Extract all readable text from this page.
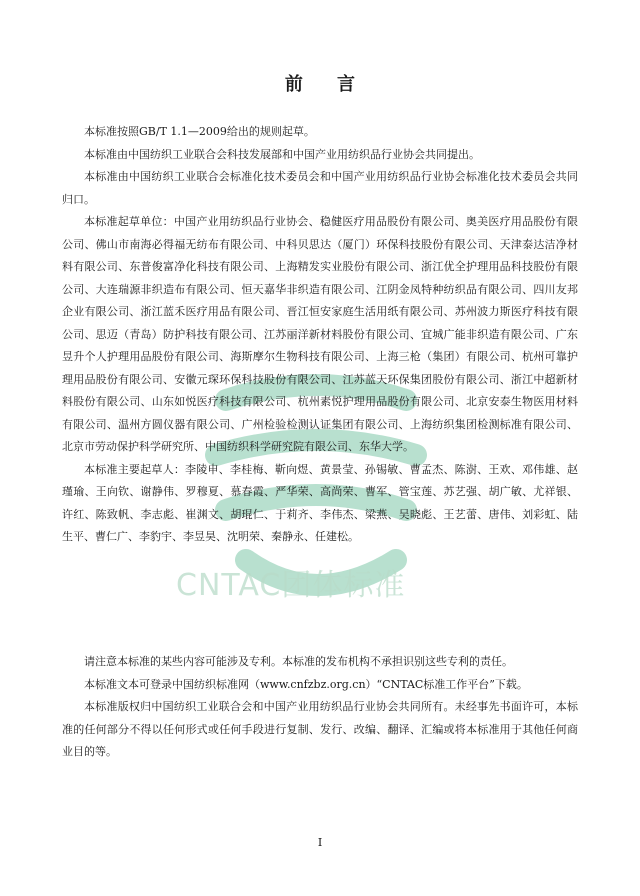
CNTAC团体标准
前 言

本标准按照GB/T 1.1—2009给出的规则起草。

本标准由中国纺织工业联合会科技发展部和中国产业用纺织品行业协会共同提出。

本标准由中国纺织工业联合会标准化技术委员会和中国产业用纺织品行业协会标准化技术委员会共同归口。

本标准起草单位：中国产业用纺织品行业协会、稳健医疗用品股份有限公司、奥美医疗用品股份有限公司、佛山市南海必得福无纺布有限公司、中科贝思达（厦门）环保科技股份有限公司、天津泰达洁净材料有限公司、东普俊富净化科技有限公司、上海精发实业股份有限公司、浙江优全护理用品科技股份有限公司、大连瑞源非织造布有限公司、恒天嘉华非织造有限公司、江阴金凤特种纺织品有限公司、四川友邦企业有限公司、浙江蓝禾医疗用品有限公司、晋江恒安家庭生活用纸有限公司、苏州波力斯医疗科技有限公司、思迈（青岛）防护科技有限公司、江苏丽洋新材料股份有限公司、宜城广能非织造有限公司、广东昱升个人护理用品股份有限公司、海斯摩尔生物科技有限公司、上海三枪（集团）有限公司、杭州可靠护理用品股份有限公司、安徽元琛环保科技股份有限公司、江苏蓝天环保集团股份有限公司、浙江中超新材料股份有限公司、山东如悦医疗科技有限公司、杭州素悦护理用品股份有限公司、北京安泰生物医用材料有限公司、温州方圆仪器有限公司、广州检验检测认证集团有限公司、上海纺织集团检测标准有限公司、北京市劳动保护科学研究所、中国纺织科学研究院有限公司、东华大学。

本标准主要起草人：李陵申、李桂梅、靳向煜、黄景莹、孙锡敏、曹孟杰、陈澍、王欢、邓伟雄、赵瑾瑜、王向钦、谢静伟、罗穆夏、慕春霞、严华荣、高尚荣、曹军、管宝莲、苏艺强、胡广敏、尤祥银、许红、陈致帆、李志彪、崔渊文、胡琨仁、于莉齐、李伟杰、梁燕、吴晓彪、王艺蕾、唐伟、刘彩虹、陆生平、曹仁广、李豹宇、李昱昊、沈明荣、秦静永、任建松。

请注意本标准的某些内容可能涉及专利。本标准的发布机构不承担识别这些专利的责任。

本标准文本可登录中国纺织标准网（www.cnfzbz.org.cn）“CNTAC标准工作平台”下载。

本标准版权归中国纺织工业联合会和中国产业用纺织品行业协会共同所有。未经事先书面许可，本标准的任何部分不得以任何形式或任何手段进行复制、发行、改编、翻译、汇编或将本标准用于其他任何商业目的等。

I
